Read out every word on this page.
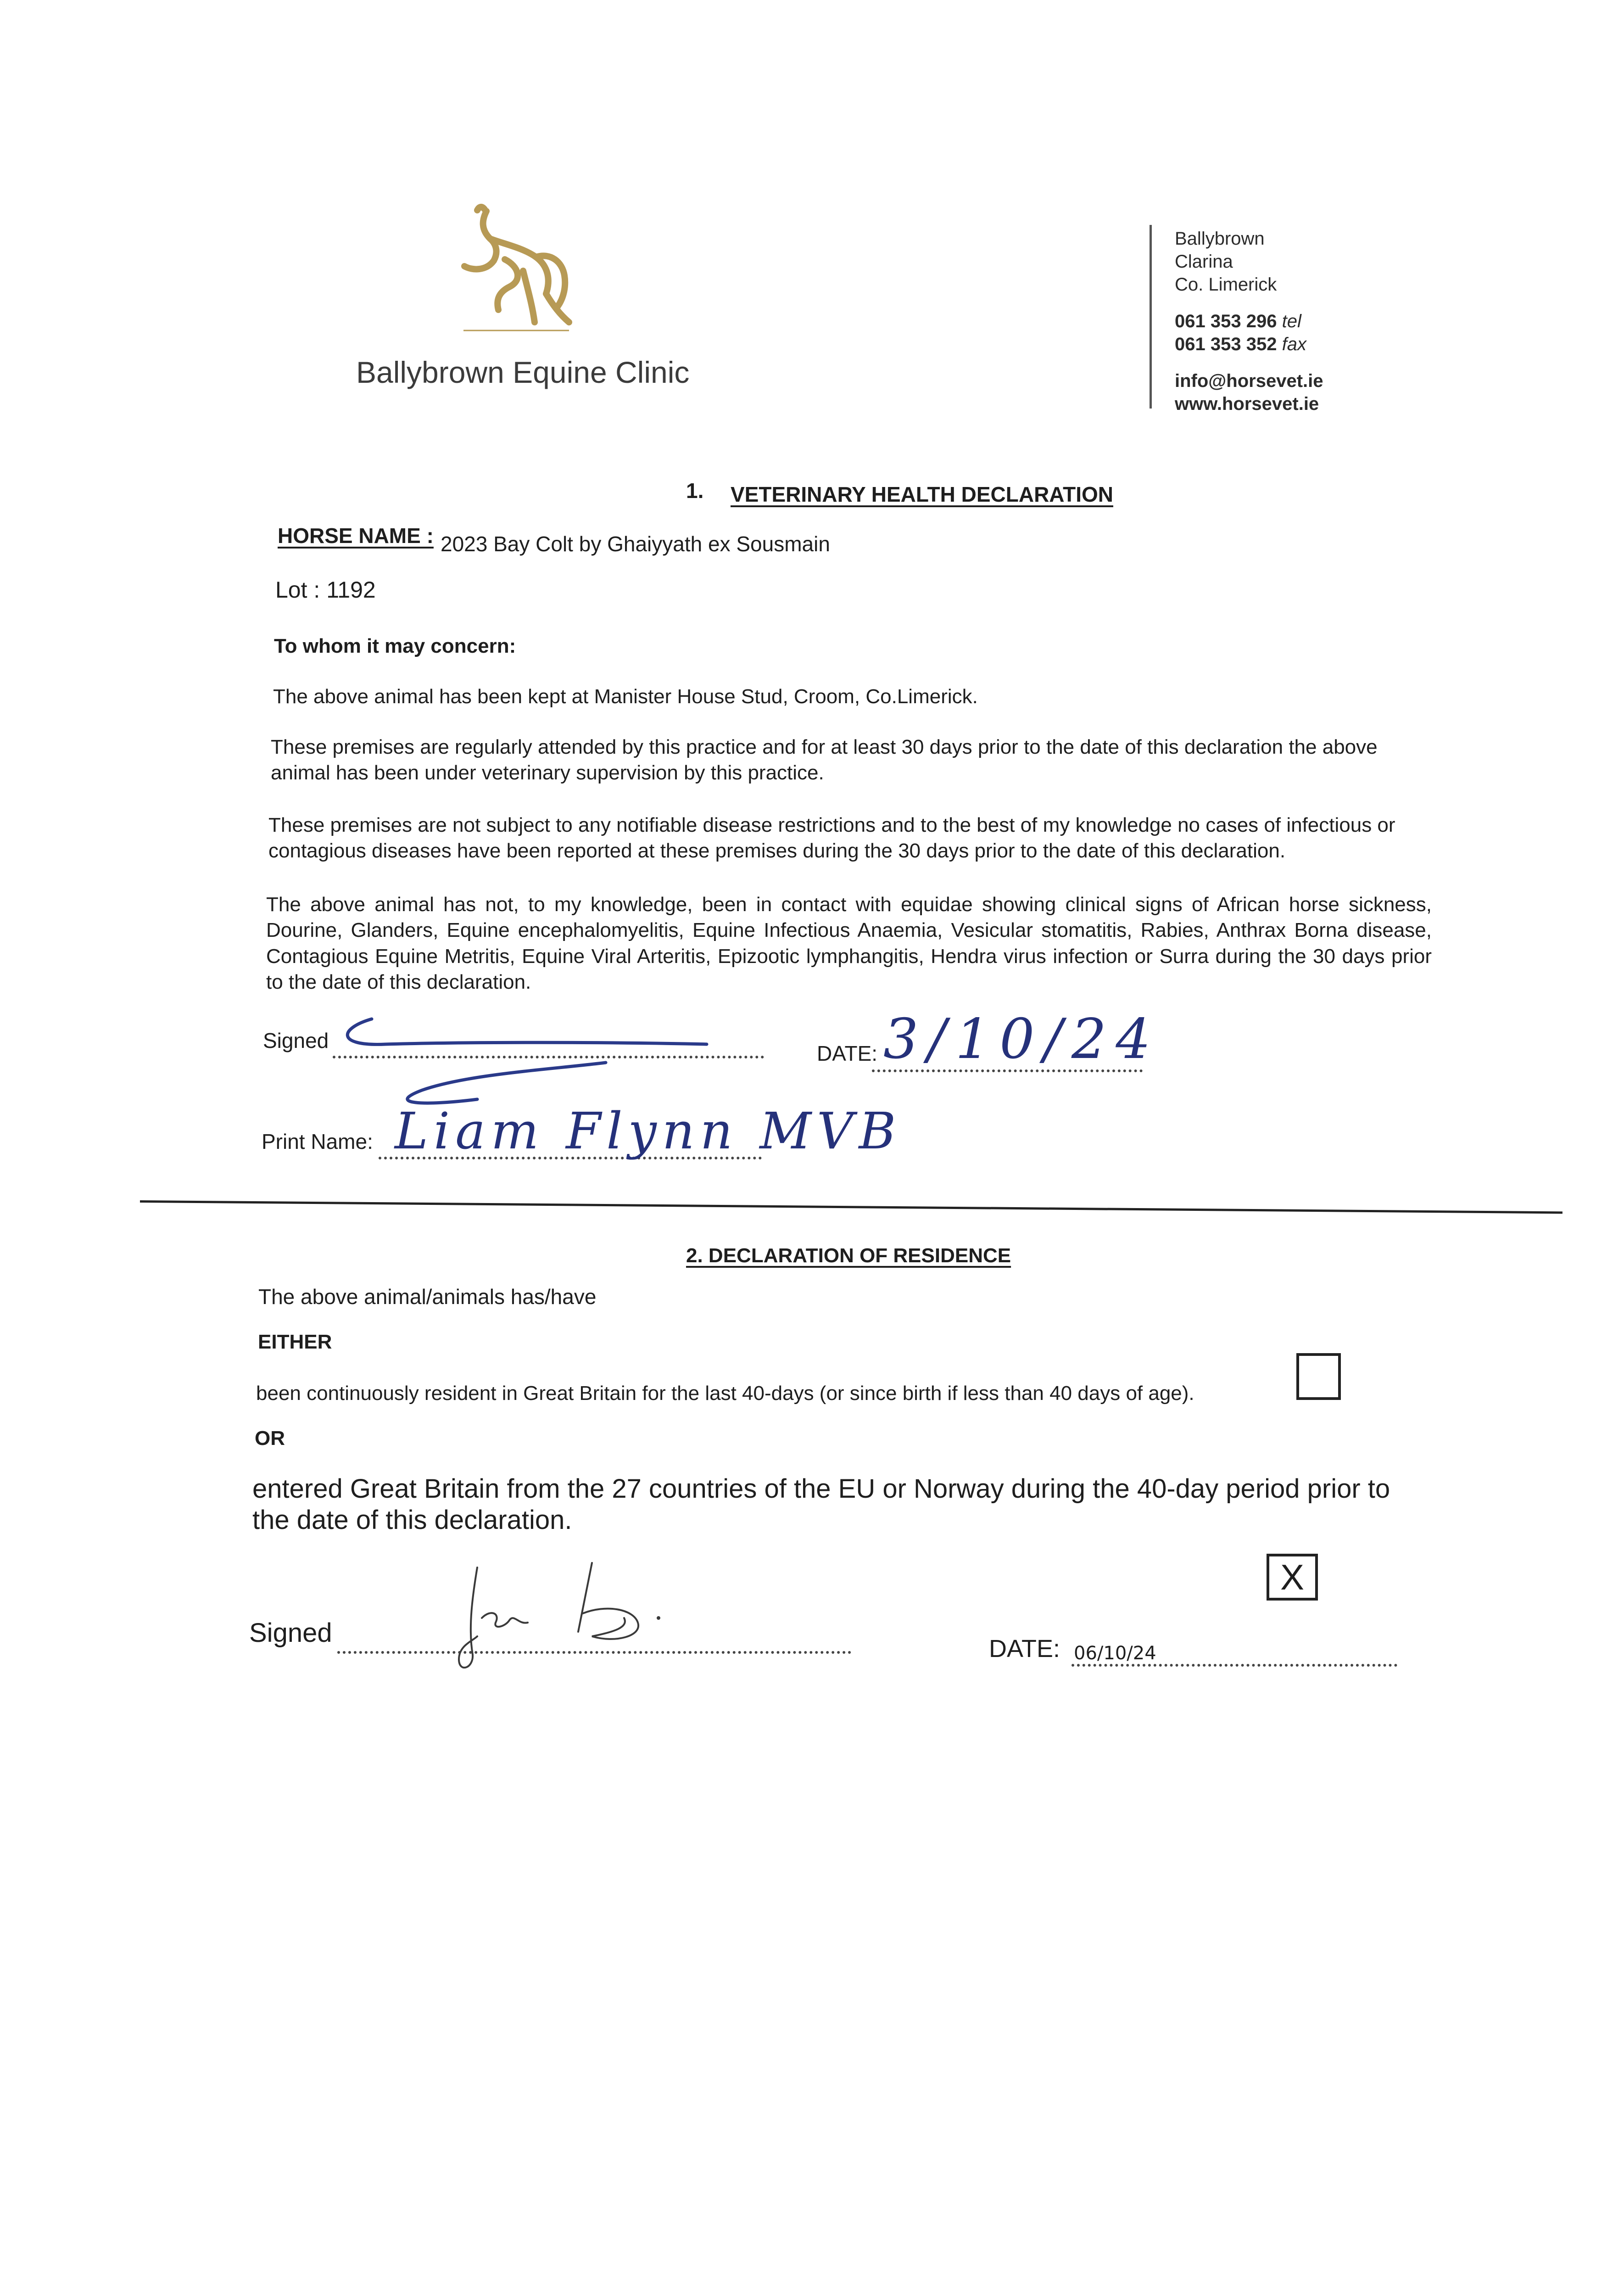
Ballybrown Equine Clinic
Ballybrown
Clarina
Co. Limerick
061 353 296 tel
061 353 352 fax
info@horsevet.ie
www.horsevet.ie
1. VETERINARY HEALTH DECLARATION
HORSE NAME : 2023 Bay Colt by Ghaiyyath ex Sousmain
Lot : 1192
To whom it may concern:
The above animal has been kept at Manister House Stud, Croom, Co.Limerick.
These premises are regularly attended by this practice and for at least 30 days prior to the date of this declaration the above animal has been under veterinary supervision by this practice.
These premises are not subject to any notifiable disease restrictions and to the best of my knowledge no cases of infectious or contagious diseases have been reported at these premises during the 30 days prior to the date of this declaration.
The above animal has not, to my knowledge, been in contact with equidae showing clinical signs of African horse sickness, Dourine, Glanders, Equine encephalomyelitis, Equine Infectious Anaemia, Vesicular stomatitis, Rabies, Anthrax Borna disease, Contagious Equine Metritis, Equine Viral Arteritis, Epizootic lymphangitis, Hendra virus infection or Surra during the 30 days prior to the date of this declaration.
Signed
DATE: 3/10/24
Print Name: Liam Flynn MVB
2. DECLARATION OF RESIDENCE
The above animal/animals has/have
EITHER
been continuously resident in Great Britain for the last 40-days (or since birth if less than 40 days of age).
OR
entered Great Britain from the 27 countries of the EU or Norway during the 40-day period prior to the date of this declaration.
X
Signed
DATE: 06/10/24
